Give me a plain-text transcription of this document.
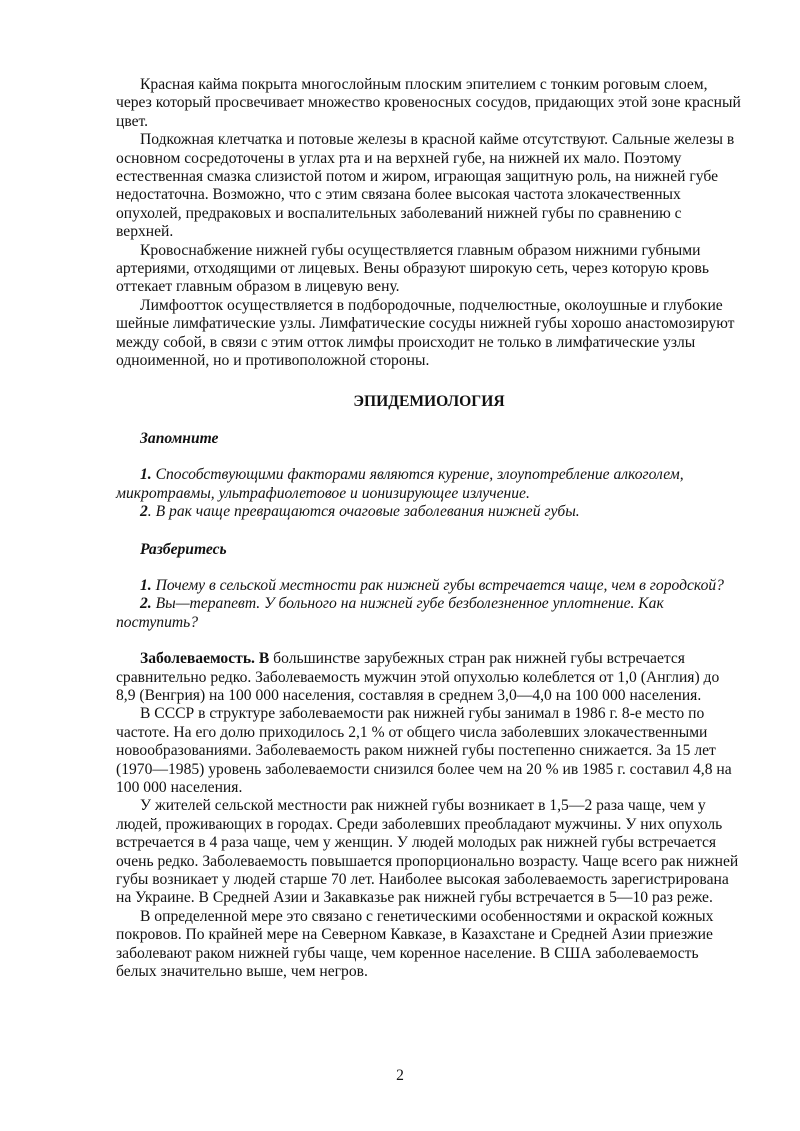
Красная кайма покрыта многослойным плоским эпителием с тонким роговым слоем, через который просвечивает множество кровеносных сосудов, придающих этой зоне красный цвет.

Подкожная клетчатка и потовые железы в красной кайме отсутствуют. Сальные железы в основном сосредоточены в углах рта и на верхней губе, на нижней их мало. Поэтому естественная смазка слизистой потом и жиром, играющая защитную роль, на нижней губе недостаточна. Возможно, что с этим связана более высокая частота злокачественных опухолей, предраковых и воспалительных заболеваний нижней губы по сравнению с верхней.

Кровоснабжение нижней губы осуществляется главным образом нижними губными артериями, отходящими от лицевых. Вены образуют широкую сеть, через которую кровь оттекает главным образом в лицевую вену.

Лимфоотток осуществляется в подбородочные, подчелюстные, околоушные и глубокие шейные лимфатические узлы. Лимфатические сосуды нижней губы хорошо анастомозируют между собой, в связи с этим отток лимфы происходит не только в лимфатические узлы одноименной, но и противоположной стороны.

ЭПИДЕМИОЛОГИЯ

Запомните

1. Способствующими факторами являются курение, злоупотребление алкоголем, микротравмы, ультрафиолетовое и ионизирующее излучение.

2. В рак чаще превращаются очаговые заболевания нижней губы.

Разберитесь

1. Почему в сельской местности рак нижней губы встречается чаще, чем в городской?

2. Вы—терапевт. У больного на нижней губе безболезненное уплотнение. Как поступить?

Заболеваемость. В большинстве зарубежных стран рак нижней губы встречается сравнительно редко. Заболеваемость мужчин этой опухолью колеблется от 1,0 (Англия) до 8,9 (Венгрия) на 100 000 населения, составляя в среднем 3,0—4,0 на 100 000 населения.

В СССР в структуре заболеваемости рак нижней губы занимал в 1986 г. 8-е место по частоте. На его долю приходилось 2,1 % от общего числа заболевших злокачественными новообразованиями. Заболеваемость раком нижней губы постепенно снижается. За 15 лет (1970—1985) уровень заболеваемости снизился более чем на 20 % ив 1985 г. составил 4,8 на 100 000 населения.

У жителей сельской местности рак нижней губы возникает в 1,5—2 раза чаще, чем у людей, проживающих в городах. Среди заболевших преобладают мужчины. У них опухоль встречается в 4 раза чаще, чем у женщин. У людей молодых рак нижней губы встречается очень редко. Заболеваемость повышается пропорционально возрасту. Чаще всего рак нижней губы возникает у людей старше 70 лет. Наиболее высокая заболеваемость зарегистрирована на Украине. В Средней Азии и Закавказье рак нижней губы встречается в 5—10 раз реже.

В определенной мере это связано с генетическими особенностями и окраской кожных покровов. По крайней мере на Северном Кавказе, в Казахстане и Средней Азии приезжие заболевают раком нижней губы чаще, чем коренное население. В США заболеваемость белых значительно выше, чем негров.

2
